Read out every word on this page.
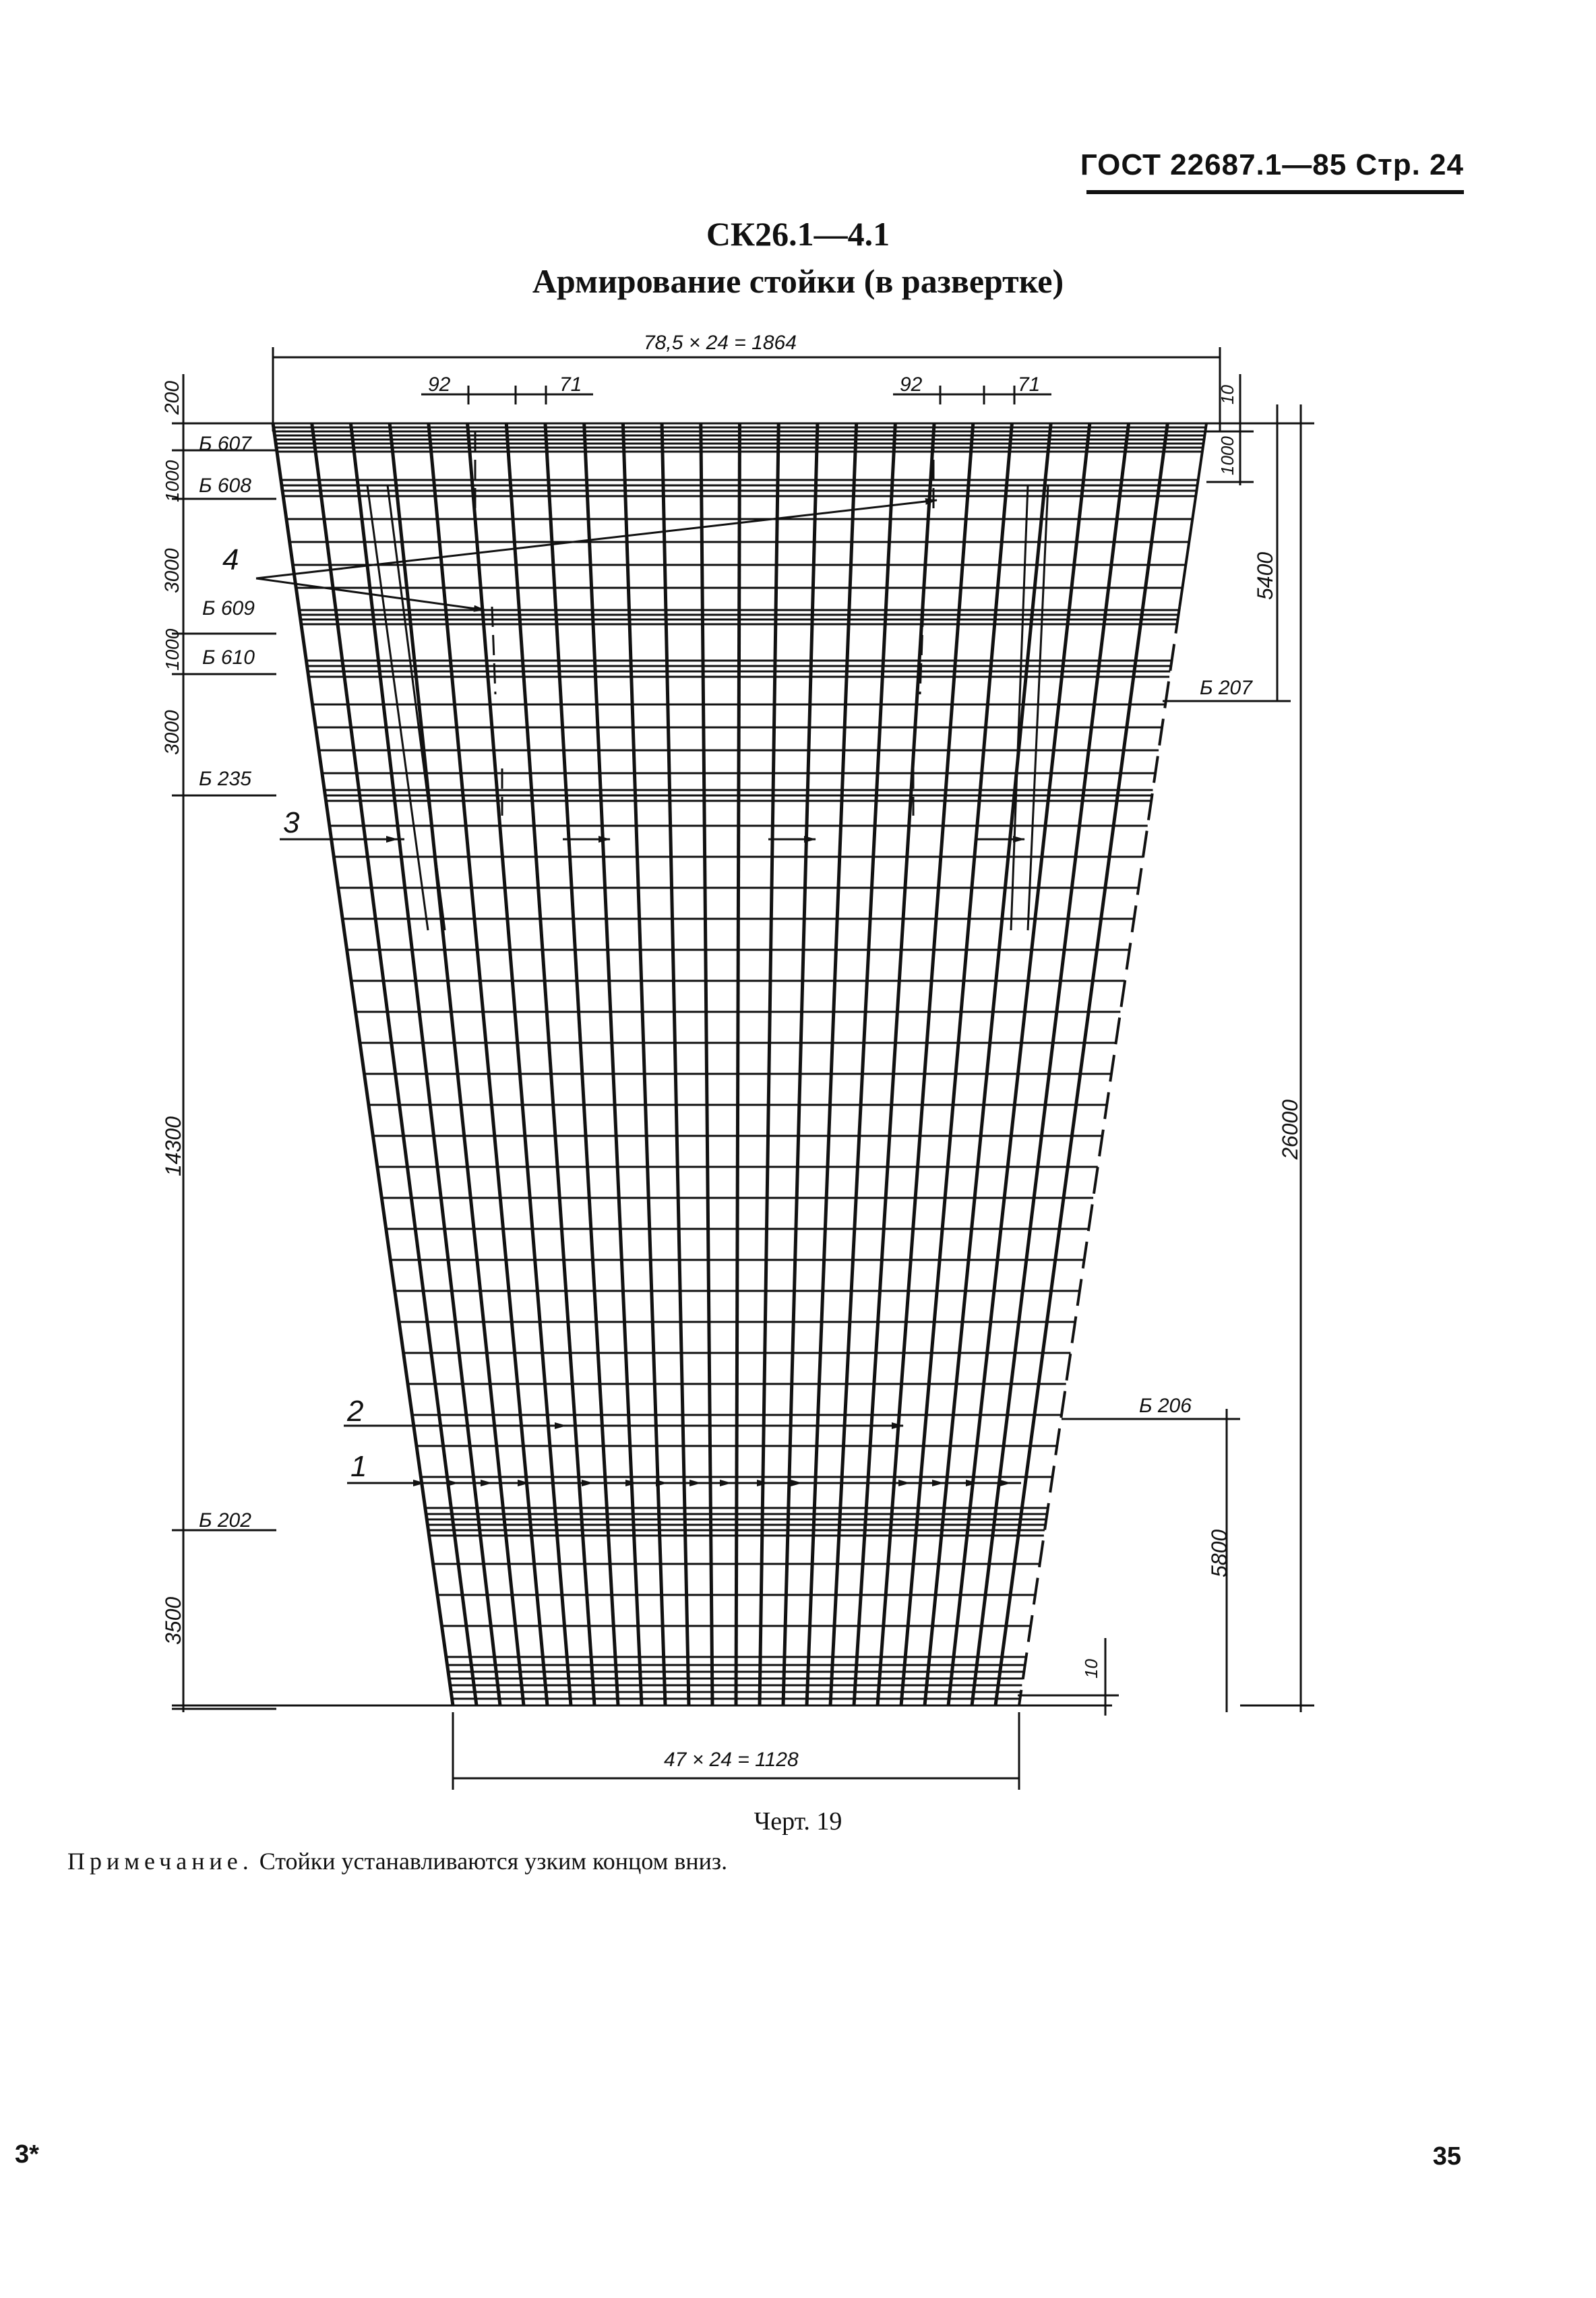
ГОСТ 22687.1—85 Стр. 24
СК26.1—4.1
Армирование стойки (в развертке)
78,5 × 24 = 1864
92	71	92	71
47 × 24 = 1128
200
1000
3000
1000
3000
14300
3500
10
1000
5400
26000
5800
10
Б 607
Б 608
Б 609
Б 610
Б 235
Б 202
Б 207
Б 206
4
3
2
1
Черт. 19
Примечание. Стойки устанавливаются узким концом вниз.
3*	35
